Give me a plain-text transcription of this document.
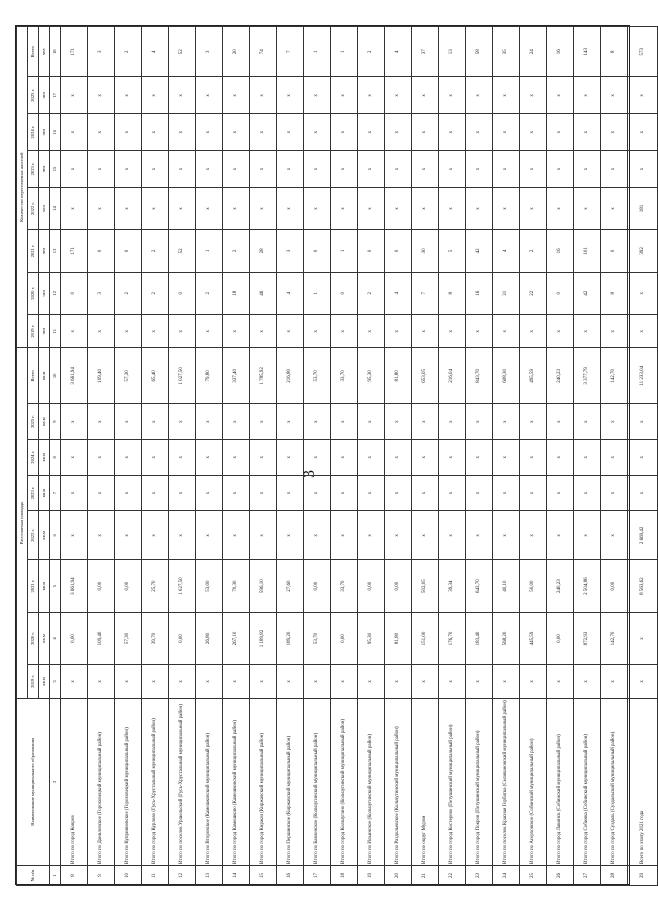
3
№ п/п	Наименование муниципального образования	Расселяемая площадь								Количество переселяемых жителей							
		2019 г.	2020 г.	2021 г.	2022 г.	2023 г.	2024 г.	2025 г.	Всего	2019 г.	2020 г.	2021 г.	2022 г.	2023 г.	2024 г.	2025 г.	Всего
		кв.м	кв.м	кв.м	кв.м	кв.м	кв.м	кв.м	кв.м	чел	чел	чел	чел	чел	чел	чел	чел
1	2	3	4	5	6	7	8	9	10	11	12	13	14	15	16	17	18
8	Итого по город Ковров	х	0,00	3 661,94	х	х	х	х	3 661,94	х	0	171	х	х	х	х	171
9	Итого по Даниловское (Гороховецкий муниципальный район)	х	109,40	0,00	х	х	х	х	109,40	х	3	0	х	х	х	х	3
10	Итого по Куприяновское (Гороховецкий муниципальный район)	х	57,30	0,00	х	х	х	х	57,30	х	2	0	х	х	х	х	2
11	Итого по город Курлово (Гусь-Хрустальный муниципальный район)	х	39,70	25,70	х	х	х	х	65,40	х	2	2	х	х	х	х	4
12	Итого по поселок Уршельский (Гусь-Хрустальный муниципальный район)	х	0,00	1 027,50	х	х	х	х	1 027,50	х	0	52	х	х	х	х	52
13	Итого по Второвское (Камешковский муниципальный район)	х	26,80	53,00	х	х	х	х	79,80	х	2	1	х	х	х	х	3
14	Итого по город Камешково (Камешковский муниципальный район)	х	267,10	70,30	х	х	х	х	337,40	х	18	2	х	х	х	х	20
15	Итого по город Киржач (Киржачский муниципальный район)	х	1 189,82	596,10	х	х	х	х	1 785,92	х	46	28	х	х	х	х	74
16	Итого по Першинское (Киржачский муниципальный район)	х	189,20	27,60	х	х	х	х	216,80	х	4	3	х	х	х	х	7
17	Итого по Бавленское (Кольчугинский муниципальный район)	х	53,70	0,00	х	х	х	х	53,70	х	1	0	х	х	х	х	1
18	Итого по город Кольчугино (Кольчугинский муниципальный район)	х	0,00	33,70	х	х	х	х	33,70	х	0	1	х	х	х	х	1
19	Итого по Ильинское (Кольчугинский муниципальный район)	х	95,30	0,00	х	х	х	х	95,30	х	2	0	х	х	х	х	2
20	Итого по Раздольевское (Кольчугинский муниципальный район)	х	81,80	0,00	х	х	х	х	81,80	х	4	0	х	х	х	х	4
21	Итого по округ Муром	х	151,00	502,05	х	х	х	х	653,05	х	7	30	х	х	х	х	37
22	Итого по город Костерево (Петушинский муниципальный район)	х	176,70	39,34	х	х	х	х	216,04	х	8	5	х	х	х	х	13
23	Итого по город Покров (Петушинский муниципальный район)	х	183,40	643,70	х	х	х	х	843,70	х	16	42	х	х	х	х	58
24	Итого по поселок Красная Горбатка (Селивановский муниципальный район)	х	568,20	40,10	х	х	х	х	608,30	х	31	4	х	х	х	х	35
25	Итого по Асерховское (Собинский муниципальный район)	х	445,59	50,00	х	х	х	х	495,59	х	22	2	х	х	х	х	24
26	Итого по город Лакинск (Собинский муниципальный район)	х	0,00	240,23	х	х	х	х	240,23	х	0	16	х	х	х	х	16
27	Итого по город Собинка (Собинский муниципальный район)	х	872,93	2 504,86	х	х	х	х	3 377,79	х	42	101	х	х	х	х	143
28	Итого по город Суздаль (Суздальский муниципальный район)	х	142,70	0,00	х	х	х	х	142,70	х	8	0	х	х	х	х	8
29	Всего по этапу 2021 года	х	х	8 563,62	2 669,42	х	х	х	11 233,04	х	х	392	181	х	х	х	573
